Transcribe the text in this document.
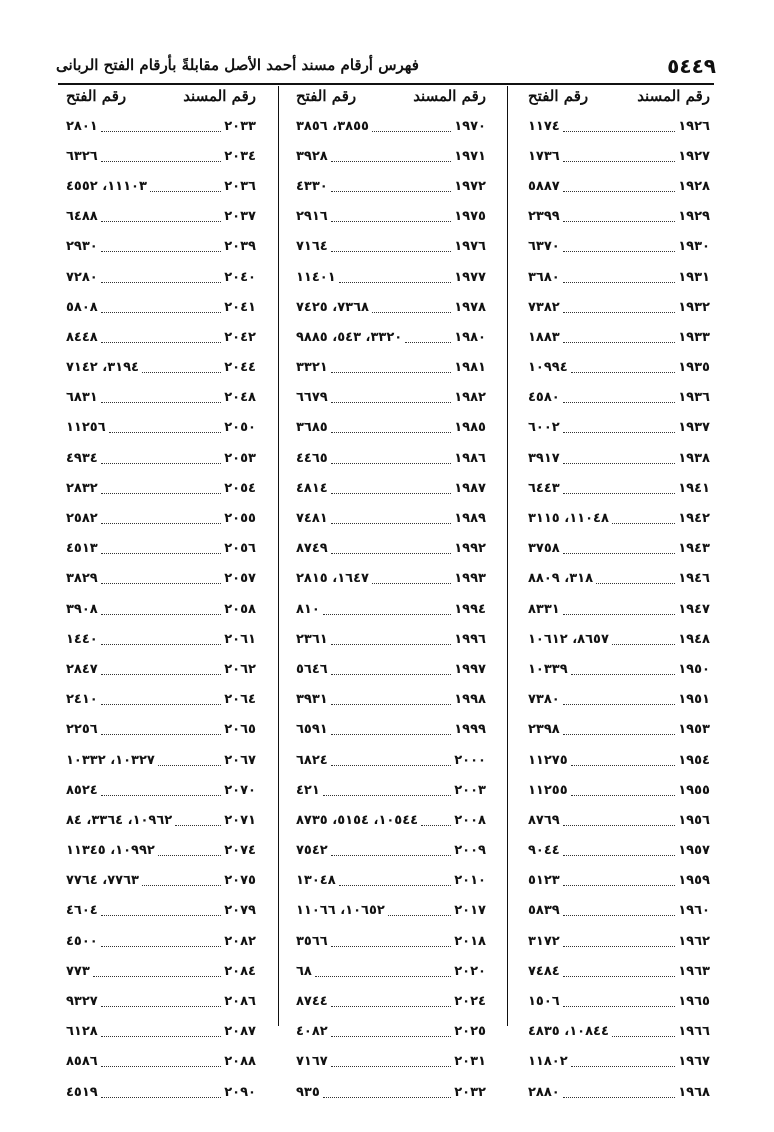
٥٤٤٩
فهرس أرقام مسند أحمد الأصل مقابلةً بأرقام الفتح الربانى
رقم المسند
رقم الفتح
١٩٢٦
١١٧٤
١٩٢٧
١٧٣٦
١٩٢٨
٥٨٨٧
١٩٢٩
٢٣٩٩
١٩٣٠
٦٣٧٠
١٩٣١
٣٦٨٠
١٩٣٢
٧٣٨٢
١٩٣٣
١٨٨٣
١٩٣٥
١٠٩٩٤
١٩٣٦
٤٥٨٠
١٩٣٧
٦٠٠٢
١٩٣٨
٣٩١٧
١٩٤١
٦٤٤٣
١٩٤٢
١١٠٤٨، ٣١١٥
١٩٤٣
٣٧٥٨
١٩٤٦
٣١٨، ٨٨٠٩
١٩٤٧
٨٣٣١
١٩٤٨
٨٦٥٧، ١٠٦١٢
١٩٥٠
١٠٣٣٩
١٩٥١
٧٣٨٠
١٩٥٣
٢٣٩٨
١٩٥٤
١١٢٧٥
١٩٥٥
١١٢٥٥
١٩٥٦
٨٧٦٩
١٩٥٧
٩٠٤٤
١٩٥٩
٥١٢٣
١٩٦٠
٥٨٣٩
١٩٦٢
٣١٧٢
١٩٦٣
٧٤٨٤
١٩٦٥
١٥٠٦
١٩٦٦
١٠٨٤٤، ٤٨٣٥
١٩٦٧
١١٨٠٢
١٩٦٨
٢٨٨٠
رقم المسند
رقم الفتح
١٩٧٠
٣٨٥٥، ٣٨٥٦
١٩٧١
٣٩٢٨
١٩٧٢
٤٣٣٠
١٩٧٥
٢٩١٦
١٩٧٦
٧١٦٤
١٩٧٧
١١٤٠١
١٩٧٨
٧٣٦٨، ٧٤٢٥
١٩٨٠
٣٣٢٠، ٥٤٣، ٩٨٨٥
١٩٨١
٣٣٢١
١٩٨٢
٦٦٧٩
١٩٨٥
٣٦٨٥
١٩٨٦
٤٤٦٥
١٩٨٧
٤٨١٤
١٩٨٩
٧٤٨١
١٩٩٢
٨٧٤٩
١٩٩٣
١٦٤٧، ٢٨١٥
١٩٩٤
٨١٠
١٩٩٦
٢٣٦١
١٩٩٧
٥٦٤٦
١٩٩٨
٣٩٣١
١٩٩٩
٦٥٩١
٢٠٠٠
٦٨٢٤
٢٠٠٣
٤٢١
٢٠٠٨
١٠٥٤٤، ٥١٥٤، ٨٧٣٥
٢٠٠٩
٧٥٤٢
٢٠١٠
١٣٠٤٨
٢٠١٧
١٠٦٥٢، ١١٠٦٦
٢٠١٨
٣٥٦٦
٢٠٢٠
٦٨
٢٠٢٤
٨٧٤٤
٢٠٢٥
٤٠٨٢
٢٠٣١
٧١٦٧
٢٠٣٢
٩٣٥
رقم المسند
رقم الفتح
٢٠٣٣
٢٨٠١
٢٠٣٤
٦٣٢٦
٢٠٣٦
١١١٠٣، ٤٥٥٢
٢٠٣٧
٦٤٨٨
٢٠٣٩
٢٩٣٠
٢٠٤٠
٧٢٨٠
٢٠٤١
٥٨٠٨
٢٠٤٢
٨٤٤٨
٢٠٤٤
٣١٩٤، ٧١٤٢
٢٠٤٨
٦٨٣١
٢٠٥٠
١١٢٥٦
٢٠٥٣
٤٩٣٤
٢٠٥٤
٢٨٣٢
٢٠٥٥
٢٥٨٢
٢٠٥٦
٤٥١٣
٢٠٥٧
٣٨٢٩
٢٠٥٨
٣٩٠٨
٢٠٦١
١٤٤٠
٢٠٦٢
٢٨٤٧
٢٠٦٤
٢٤١٠
٢٠٦٥
٢٢٥٦
٢٠٦٧
١٠٣٢٧، ١٠٣٣٢
٢٠٧٠
٨٥٢٤
٢٠٧١
١٠٩٦٢، ٣٣٦٤، ٨٤
٢٠٧٤
١٠٩٩٢، ١١٣٤٥
٢٠٧٥
٧٧٦٣، ٧٧٦٤
٢٠٧٩
٤٦٠٤
٢٠٨٢
٤٥٠٠
٢٠٨٤
٧٧٣
٢٠٨٦
٩٣٢٧
٢٠٨٧
٦١٢٨
٢٠٨٨
٨٥٨٦
٢٠٩٠
٤٥١٩
